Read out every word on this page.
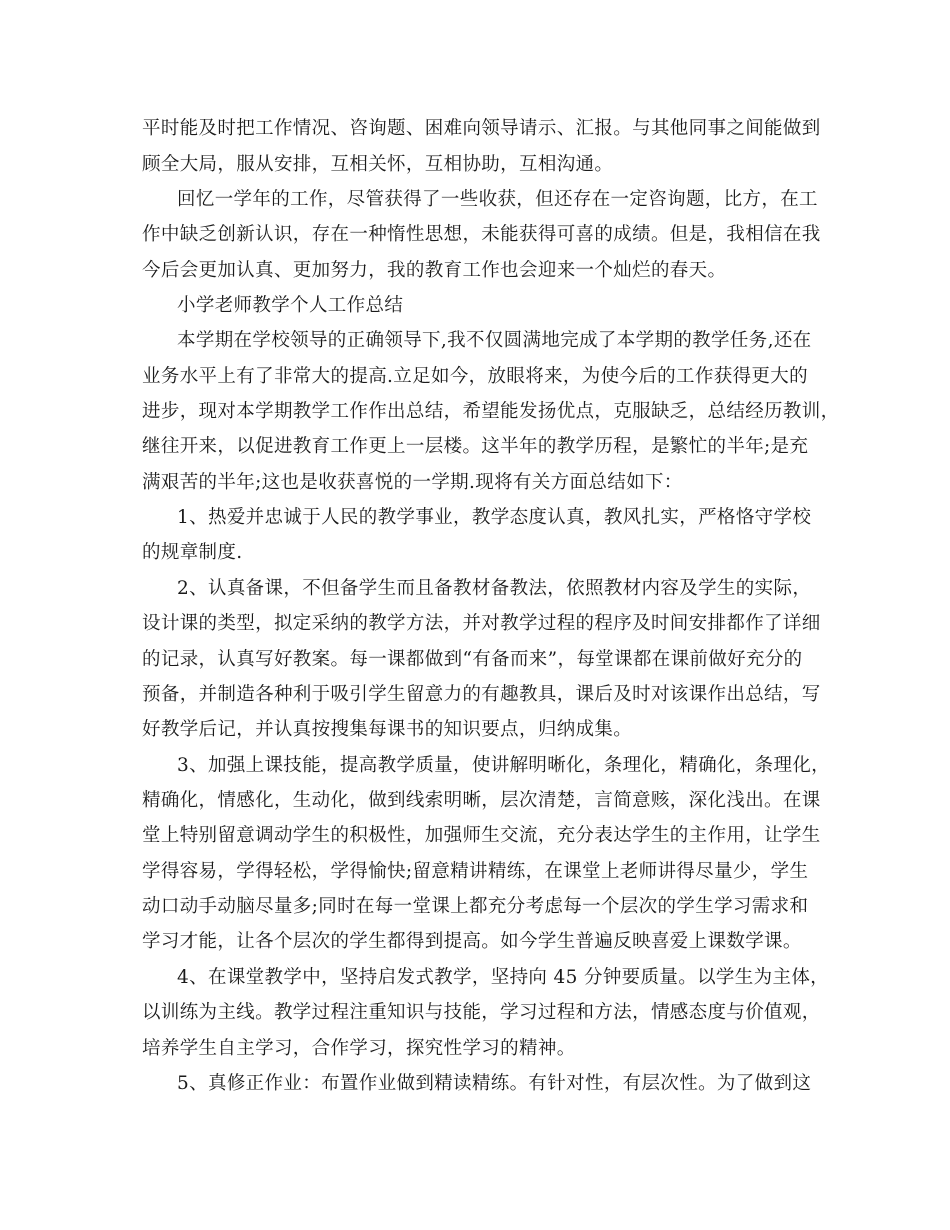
平时能及时把工作情况、咨询题、困难向领导请示、汇报。与其他同事之间能做到
顾全大局，服从安排，互相关怀，互相协助，互相沟通。
回忆一学年的工作，尽管获得了一些收获，但还存在一定咨询题，比方，在工
作中缺乏创新认识，存在一种惰性思想，未能获得可喜的成绩。但是，我相信在我
今后会更加认真、更加努力，我的教育工作也会迎来一个灿烂的春天。
小学老师教学个人工作总结
本学期在学校领导的正确领导下,我不仅圆满地完成了本学期的教学任务,还在
业务水平上有了非常大的提高.立足如今，放眼将来，为使今后的工作获得更大的
进步，现对本学期教学工作作出总结，希望能发扬优点，克服缺乏，总结经历教训，
继往开来，以促进教育工作更上一层楼。这半年的教学历程，是繁忙的半年;是充
满艰苦的半年;这也是收获喜悦的一学期.现将有关方面总结如下：
1、热爱并忠诚于人民的教学事业，教学态度认真，教风扎实，严格恪守学校
的规章制度.
2、认真备课，不但备学生而且备教材备教法，依照教材内容及学生的实际，
设计课的类型，拟定采纳的教学方法，并对教学过程的程序及时间安排都作了详细
的记录，认真写好教案。每一课都做到“有备而来”，每堂课都在课前做好充分的
预备，并制造各种利于吸引学生留意力的有趣教具，课后及时对该课作出总结，写
好教学后记，并认真按搜集每课书的知识要点，归纳成集。
3、加强上课技能，提高教学质量，使讲解明晰化，条理化，精确化，条理化，
精确化，情感化，生动化，做到线索明晰，层次清楚，言简意赅，深化浅出。在课
堂上特别留意调动学生的积极性，加强师生交流，充分表达学生的主作用，让学生
学得容易，学得轻松，学得愉快;留意精讲精练，在课堂上老师讲得尽量少，学生
动口动手动脑尽量多;同时在每一堂课上都充分考虑每一个层次的学生学习需求和
学习才能，让各个层次的学生都得到提高。如今学生普遍反映喜爱上课数学课。
4、在课堂教学中，坚持启发式教学，坚持向 45 分钟要质量。以学生为主体，
以训练为主线。教学过程注重知识与技能，学习过程和方法，情感态度与价值观，
培养学生自主学习，合作学习，探究性学习的精神。
5、真修正作业：布置作业做到精读精练。有针对性，有层次性。为了做到这
